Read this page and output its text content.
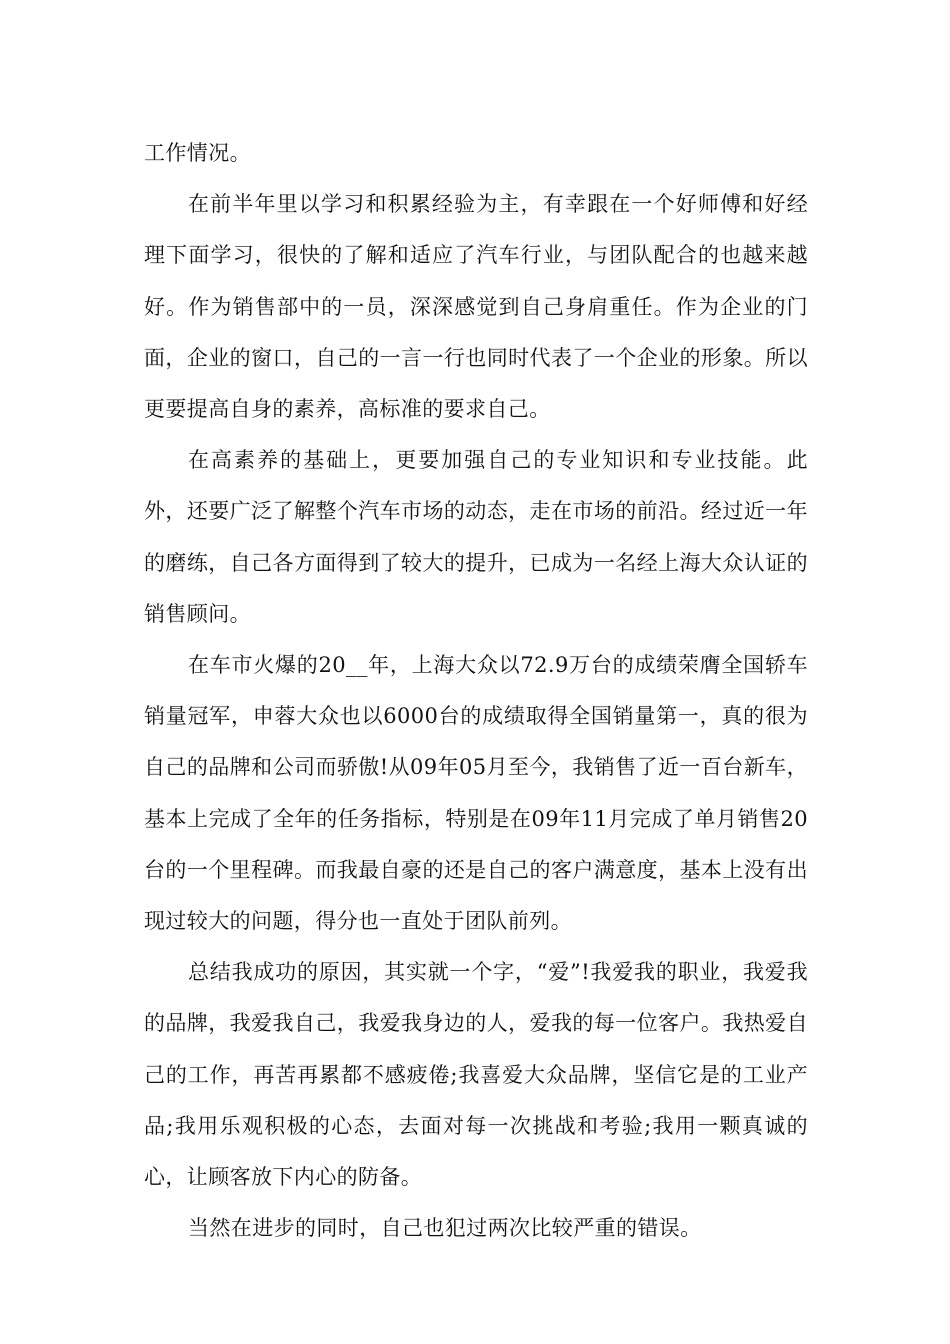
工作情况。

在前半年里以学习和积累经验为主，有幸跟在一个好师傅和好经理下面学习，很快的了解和适应了汽车行业，与团队配合的也越来越好。作为销售部中的一员，深深感觉到自己身肩重任。作为企业的门面，企业的窗口，自己的一言一行也同时代表了一个企业的形象。所以更要提高自身的素养，高标准的要求自己。

在高素养的基础上，更要加强自己的专业知识和专业技能。此外，还要广泛了解整个汽车市场的动态，走在市场的前沿。经过近一年的磨练，自己各方面得到了较大的提升，已成为一名经上海大众认证的销售顾问。

在车市火爆的20__年，上海大众以72.9万台的成绩荣膺全国轿车销量冠军，申蓉大众也以6000台的成绩取得全国销量第一，真的很为自己的品牌和公司而骄傲!从09年05月至今，我销售了近一百台新车，基本上完成了全年的任务指标，特别是在09年11月完成了单月销售20台的一个里程碑。而我最自豪的还是自己的客户满意度，基本上没有出现过较大的问题，得分也一直处于团队前列。

总结我成功的原因，其实就一个字，“爱”!我爱我的职业，我爱我的品牌，我爱我自己，我爱我身边的人，爱我的每一位客户。我热爱自己的工作，再苦再累都不感疲倦;我喜爱大众品牌，坚信它是的工业产品;我用乐观积极的心态，去面对每一次挑战和考验;我用一颗真诚的心，让顾客放下内心的防备。

当然在进步的同时，自己也犯过两次比较严重的错误。
